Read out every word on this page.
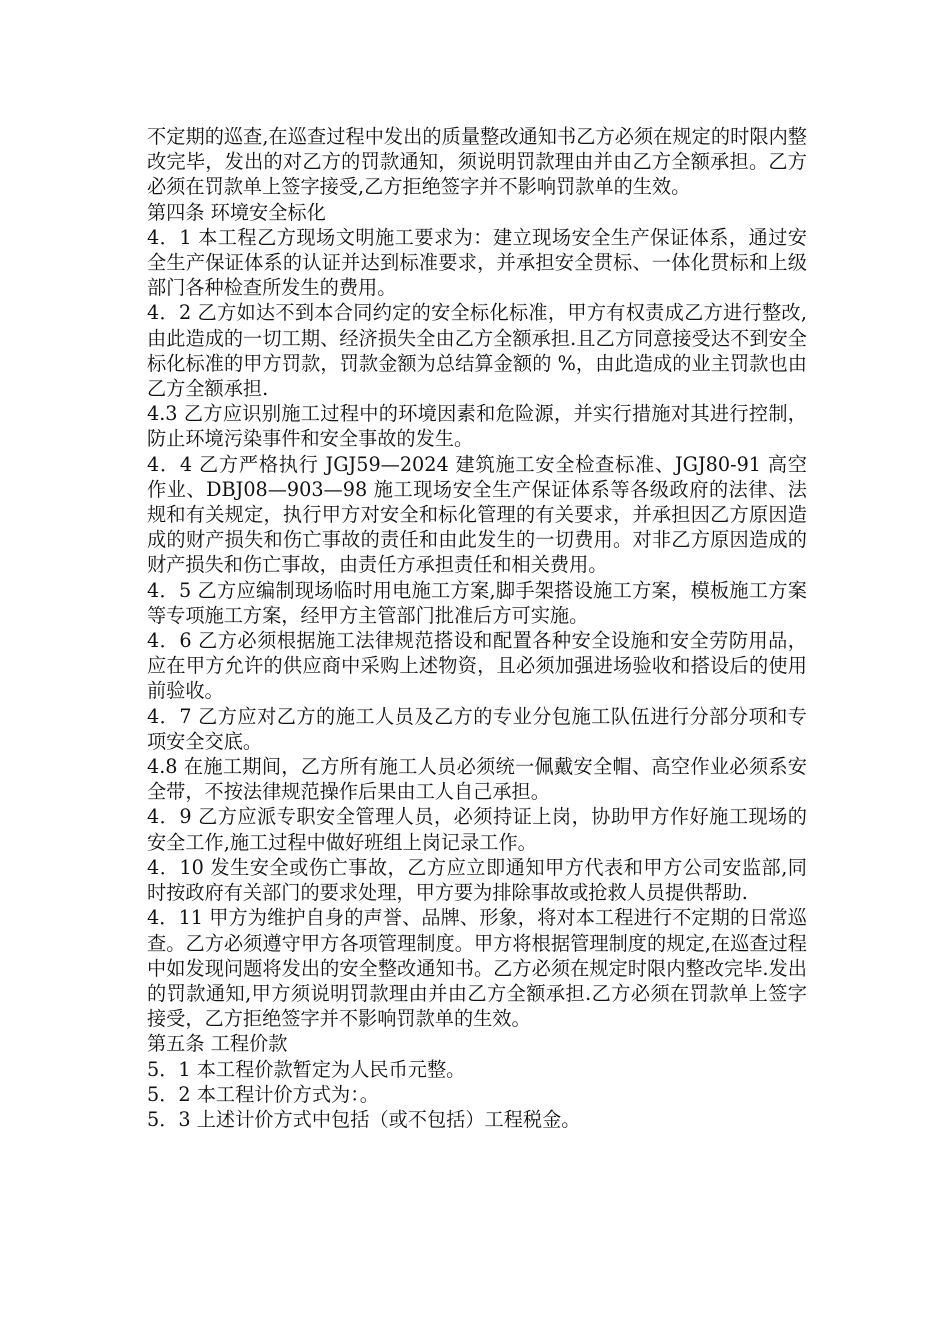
不定期的巡查,在巡查过程中发出的质量整改通知书乙方必须在规定的时限内整改完毕，发出的对乙方的罚款通知，须说明罚款理由并由乙方全额承担。乙方必须在罚款单上签字接受,乙方拒绝签字并不影响罚款单的生效。

第四条 环境安全标化

4．1 本工程乙方现场文明施工要求为：建立现场安全生产保证体系，通过安全生产保证体系的认证并达到标准要求，并承担安全贯标、一体化贯标和上级部门各种检查所发生的费用。

4．2 乙方如达不到本合同约定的安全标化标准，甲方有权责成乙方进行整改,由此造成的一切工期、经济损失全由乙方全额承担.且乙方同意接受达不到安全标化标准的甲方罚款，罚款金额为总结算金额的 %，由此造成的业主罚款也由乙方全额承担.

4.3 乙方应识别施工过程中的环境因素和危险源，并实行措施对其进行控制，防止环境污染事件和安全事故的发生。

4．4 乙方严格执行 JGJ59—2024 建筑施工安全检查标准、JGJ80-91 高空作业、DBJ08—903—98 施工现场安全生产保证体系等各级政府的法律、法规和有关规定，执行甲方对安全和标化管理的有关要求，并承担因乙方原因造成的财产损失和伤亡事故的责任和由此发生的一切费用。对非乙方原因造成的财产损失和伤亡事故，由责任方承担责任和相关费用。

4．5 乙方应编制现场临时用电施工方案,脚手架搭设施工方案，模板施工方案等专项施工方案，经甲方主管部门批准后方可实施。

4．6 乙方必须根据施工法律规范搭设和配置各种安全设施和安全劳防用品，应在甲方允许的供应商中采购上述物资，且必须加强进场验收和搭设后的使用前验收。

4．7 乙方应对乙方的施工人员及乙方的专业分包施工队伍进行分部分项和专项安全交底。

4.8 在施工期间，乙方所有施工人员必须统一佩戴安全帽、高空作业必须系安全带，不按法律规范操作后果由工人自己承担。

4．9 乙方应派专职安全管理人员，必须持证上岗，协助甲方作好施工现场的安全工作,施工过程中做好班组上岗记录工作。

4．10 发生安全或伤亡事故，乙方应立即通知甲方代表和甲方公司安监部,同时按政府有关部门的要求处理，甲方要为排除事故或抢救人员提供帮助.

4．11 甲方为维护自身的声誉、品牌、形象，将对本工程进行不定期的日常巡查。乙方必须遵守甲方各项管理制度。甲方将根据管理制度的规定,在巡查过程中如发现问题将发出的安全整改通知书。乙方必须在规定时限内整改完毕.发出的罚款通知,甲方须说明罚款理由并由乙方全额承担.乙方必须在罚款单上签字接受，乙方拒绝签字并不影响罚款单的生效。

第五条 工程价款

5．1 本工程价款暂定为人民币元整。

5．2 本工程计价方式为：。

5．3 上述计价方式中包括（或不包括）工程税金。
